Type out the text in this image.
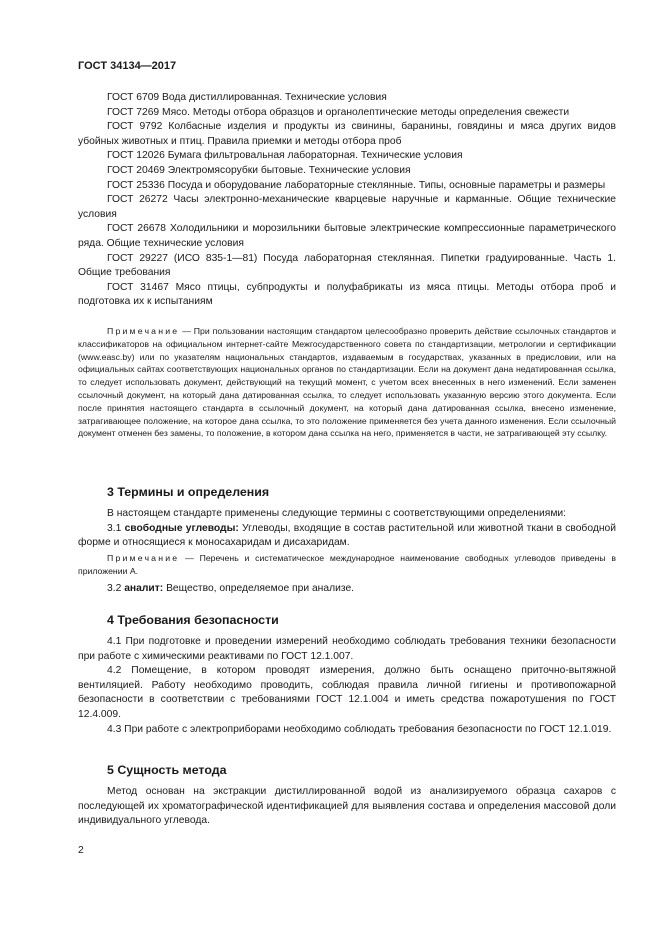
ГОСТ 34134—2017

ГОСТ 6709 Вода дистиллированная. Технические условия

ГОСТ 7269 Мясо. Методы отбора образцов и органолептические методы определения свежести

ГОСТ 9792 Колбасные изделия и продукты из свинины, баранины, говядины и мяса других видов убойных животных и птиц. Правила приемки и методы отбора проб

ГОСТ 12026 Бумага фильтровальная лабораторная. Технические условия

ГОСТ 20469 Электромясорубки бытовые. Технические условия

ГОСТ 25336 Посуда и оборудование лабораторные стеклянные. Типы, основные параметры и размеры

ГОСТ 26272 Часы электронно-механические кварцевые наручные и карманные. Общие технические условия

ГОСТ 26678 Холодильники и морозильники бытовые электрические компрессионные параметрического ряда. Общие технические условия

ГОСТ 29227 (ИСО 835-1—81) Посуда лабораторная стеклянная. Пипетки градуированные. Часть 1. Общие требования

ГОСТ 31467 Мясо птицы, субпродукты и полуфабрикаты из мяса птицы. Методы отбора проб и подготовка их к испытаниям

Примечание — При пользовании настоящим стандартом целесообразно проверить действие ссылочных стандартов и классификаторов на официальном интернет-сайте Межгосударственного совета по стандартизации, метрологии и сертификации (www.easc.by) или по указателям национальных стандартов, издаваемым в государствах, указанных в предисловии, или на официальных сайтах соответствующих национальных органов по стандартизации. Если на документ дана недатированная ссылка, то следует использовать документ, действующий на текущий момент, с учетом всех внесенных в него изменений. Если заменен ссылочный документ, на который дана датированная ссылка, то следует использовать указанную версию этого документа. Если после принятия настоящего стандарта в ссылочный документ, на который дана датированная ссылка, внесено изменение, затрагивающее положение, на которое дана ссылка, то это положение применяется без учета данного изменения. Если ссылочный документ отменен без замены, то положение, в котором дана ссылка на него, применяется в части, не затрагивающей эту ссылку.

3 Термины и определения

В настоящем стандарте применены следующие термины с соответствующими определениями:

3.1 свободные углеводы: Углеводы, входящие в состав растительной или животной ткани в свободной форме и относящиеся к моносахаридам и дисахаридам.

Примечание — Перечень и систематическое международное наименование свободных углеводов приведены в приложении А.

3.2 аналит: Вещество, определяемое при анализе.

4 Требования безопасности

4.1 При подготовке и проведении измерений необходимо соблюдать требования техники безопасности при работе с химическими реактивами по ГОСТ 12.1.007.

4.2 Помещение, в котором проводят измерения, должно быть оснащено приточно-вытяжной вентиляцией. Работу необходимо проводить, соблюдая правила личной гигиены и противопожарной безопасности в соответствии с требованиями ГОСТ 12.1.004 и иметь средства пожаротушения по ГОСТ 12.4.009.

4.3 При работе с электроприборами необходимо соблюдать требования безопасности по ГОСТ 12.1.019.

5 Сущность метода

Метод основан на экстракции дистиллированной водой из анализируемого образца сахаров с последующей их хроматографической идентификацией для выявления состава и определения массовой доли индивидуального углевода.

2
